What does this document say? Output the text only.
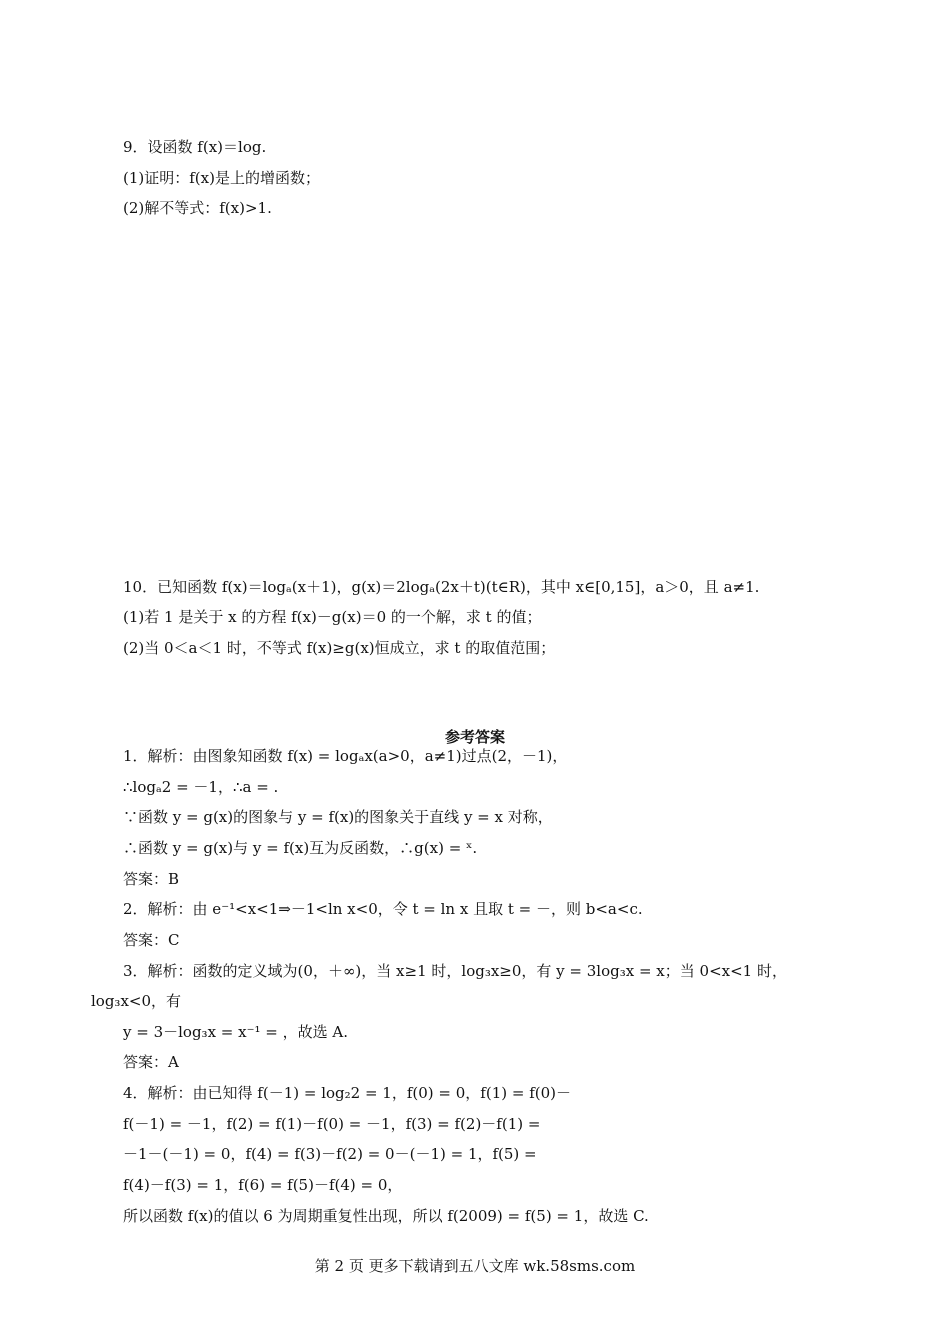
9．设函数 f(x)＝log.
(1)证明：f(x)是上的增函数；
(2)解不等式：f(x)>1.
10．已知函数 f(x)＝logₐ(x＋1)，g(x)＝2logₐ(2x＋t)(t∈R)，其中 x∈[0,15]，a＞0，且 a≠1.
(1)若 1 是关于 x 的方程 f(x)－g(x)＝0 的一个解，求 t 的值；
(2)当 0＜a＜1 时，不等式 f(x)≥g(x)恒成立，求 t 的取值范围；
参考答案
1．解析：由图象知函数 f(x) = logₐx(a>0，a≠1)过点(2，－1)，
∴logₐ2 = －1，∴a = .
∵函数 y = g(x)的图象与 y = f(x)的图象关于直线 y = x 对称，
∴函数 y = g(x)与 y = f(x)互为反函数，∴g(x) = ˣ.
答案：B
2．解析：由 e⁻¹<x<1⇒－1<ln x<0，令 t = ln x 且取 t = －，则 b<a<c.
答案：C
3．解析：函数的定义域为(0，＋∞)，当 x≥1 时，log₃x≥0，有 y = 3log₃x = x；当 0<x<1 时，
log₃x<0，有
y = 3－log₃x = x⁻¹ = ，故选 A.
答案：A
4．解析：由已知得 f(－1) = log₂2 = 1，f(0) = 0，f(1) = f(0)－
f(－1) = －1，f(2) = f(1)－f(0) = －1，f(3) = f(2)－f(1) =
－1－(－1) = 0，f(4) = f(3)－f(2) = 0－(－1) = 1，f(5) =
f(4)－f(3) = 1，f(6) = f(5)－f(4) = 0，
所以函数 f(x)的值以 6 为周期重复性出现，所以 f(2009) = f(5) = 1，故选 C.
第 2 页 更多下载请到五八文库 wk.58sms.com
